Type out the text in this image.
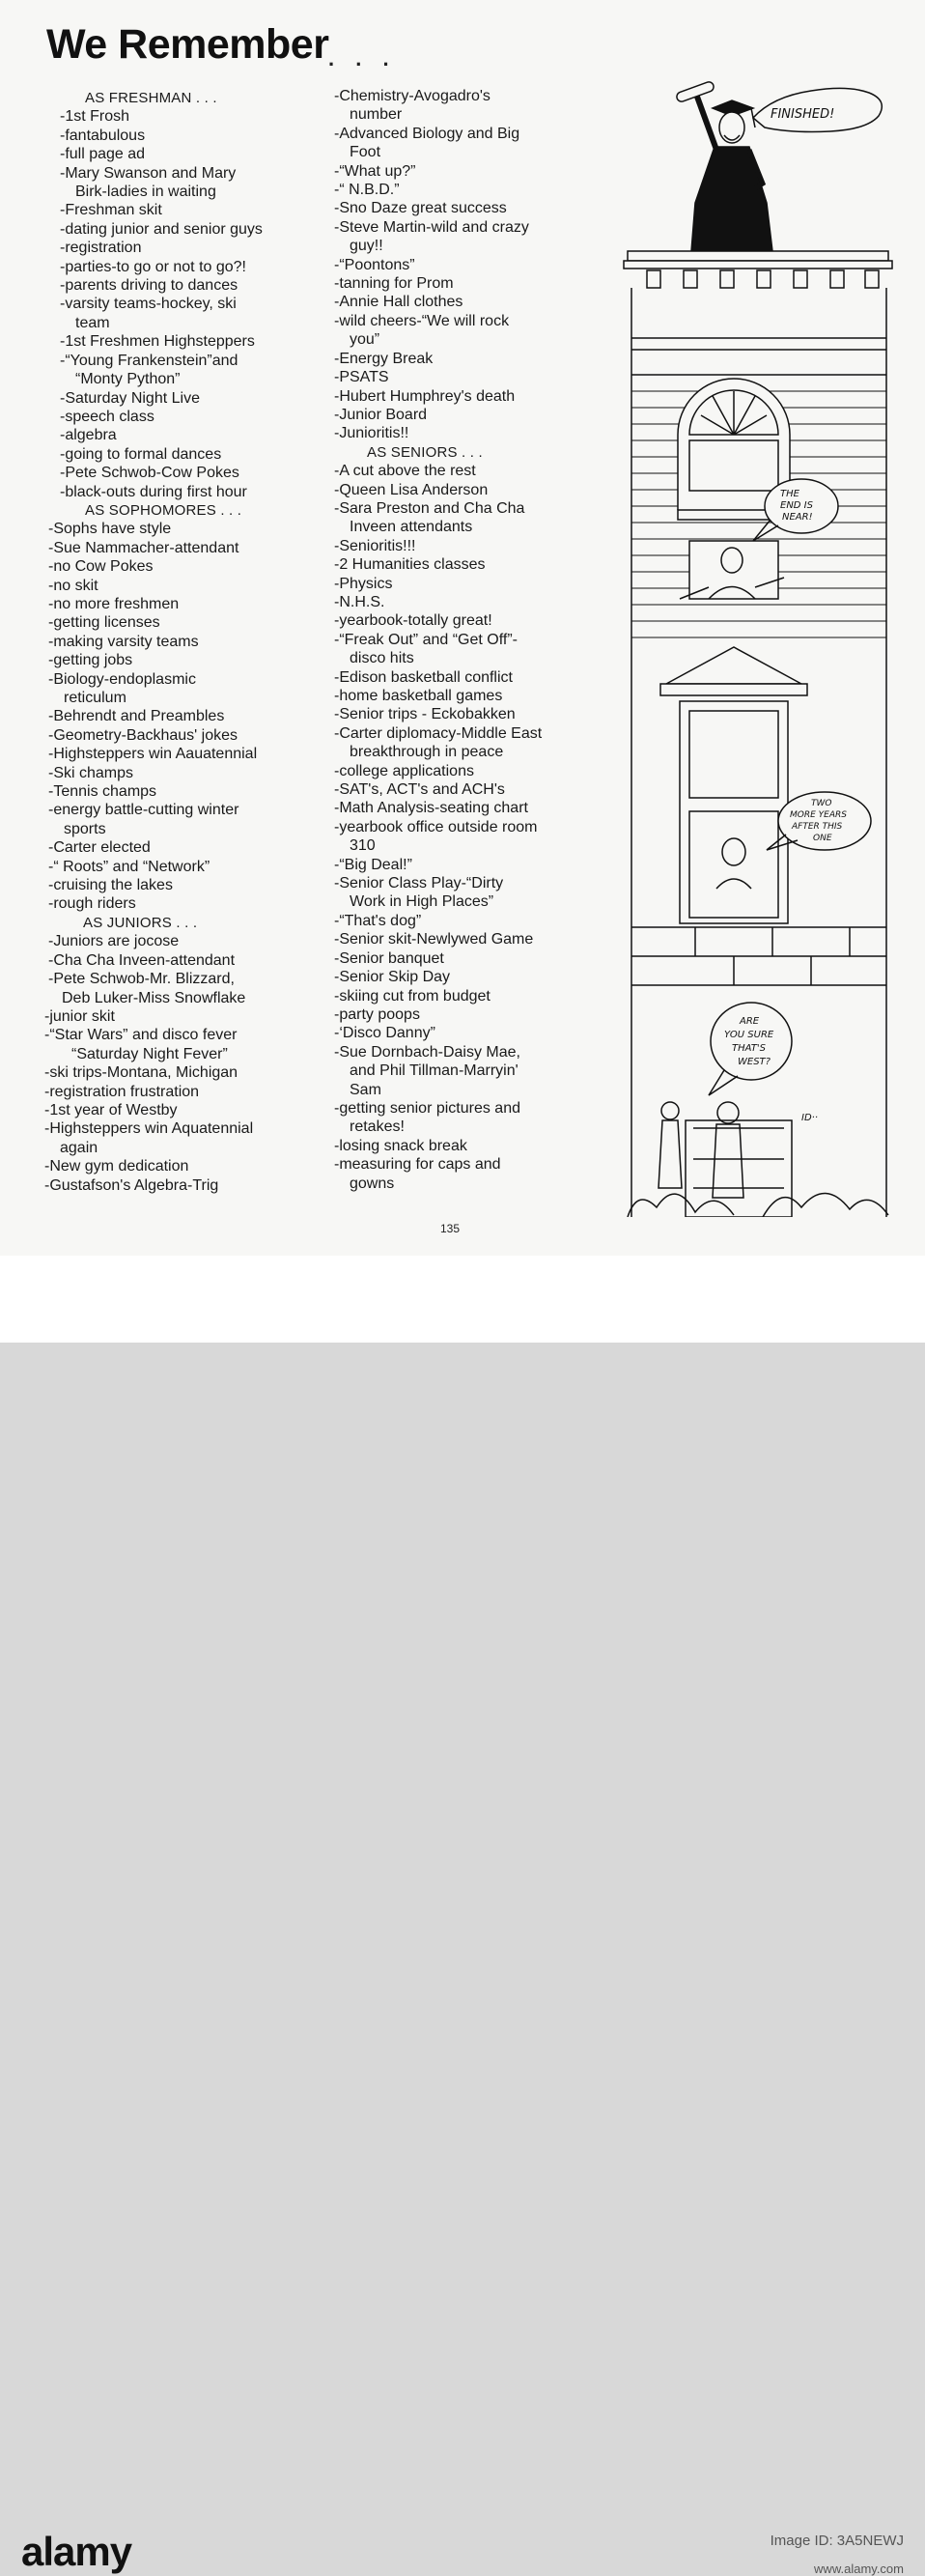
We Remember . . .
AS FRESHMAN . . .
-1st Frosh
-fantabulous
-full page ad
-Mary Swanson and Mary
Birk-ladies in waiting
-Freshman skit
-dating junior and senior guys
-registration
-parties-to go or not to go?!
-parents driving to dances
-varsity teams-hockey, ski
team
-1st Freshmen Highsteppers
-“Young Frankenstein”and
“Monty Python”
-Saturday Night Live
-speech class
-algebra
-going to formal dances
-Pete Schwob-Cow Pokes
-black-outs during first hour
AS SOPHOMORES . . .
-Sophs have style
-Sue Nammacher-attendant
-no Cow Pokes
-no skit
-no more freshmen
-getting licenses
-making varsity teams
-getting jobs
-Biology-endoplasmic
reticulum
-Behrendt and Preambles
-Geometry-Backhaus' jokes
-Highsteppers win Aauatennial
-Ski champs
-Tennis champs
-energy battle-cutting winter
sports
-Carter elected
-“ Roots” and “Network”
-cruising the lakes
-rough riders
AS JUNIORS . . .
-Juniors are jocose
-Cha Cha Inveen-attendant
-Pete Schwob-Mr. Blizzard,
Deb Luker-Miss Snowflake
-junior skit
-“Star Wars” and disco fever
“Saturday Night Fever”
-ski trips-Montana, Michigan
-registration frustration
-1st year of Westby
-Highsteppers win Aquatennial
again
-New gym dedication
-Gustafson's Algebra-Trig
-Chemistry-Avogadro's
number
-Advanced Biology and Big
Foot
-“What up?”
-“ N.B.D.”
-Sno Daze great success
-Steve Martin-wild and crazy
guy!!
-“Poontons”
-tanning for Prom
-Annie Hall clothes
-wild cheers-“We will rock
you”
-Energy Break
-PSATS
-Hubert Humphrey's death
-Junior Board
-Junioritis!!
AS SENIORS . . .
-A cut above the rest
-Queen Lisa Anderson
-Sara Preston and Cha Cha
Inveen attendants
-Senioritis!!!
-2 Humanities classes
-Physics
-N.H.S.
-yearbook-totally great!
-“Freak Out” and “Get Off”-
disco hits
-Edison basketball conflict
-home basketball games
-Senior trips - Eckobakken
-Carter diplomacy-Middle East
breakthrough in peace
-college applications
-SAT's, ACT's and ACH's
-Math Analysis-seating chart
-yearbook office outside room
310
-“Big Deal!”
-Senior Class Play-“Dirty
Work in High Places”
-“That's dog”
-Senior skit-Newlywed Game
-Senior banquet
-Senior Skip Day
-skiing cut from budget
-party poops
-‘Disco Danny”
-Sue Dornbach-Daisy Mae,
and Phil Tillman-Marryin'
Sam
-getting senior pictures and
retakes!
-losing snack break
-measuring for caps and
gowns
FINISHED!
THE
END IS
NEAR!
TWO
MORE YEARS
AFTER THIS
ONE
ARE
YOU SURE
THAT'S
WEST?
ID··
135
alamy	Image ID: 3A5NEWJ
www.alamy.com
